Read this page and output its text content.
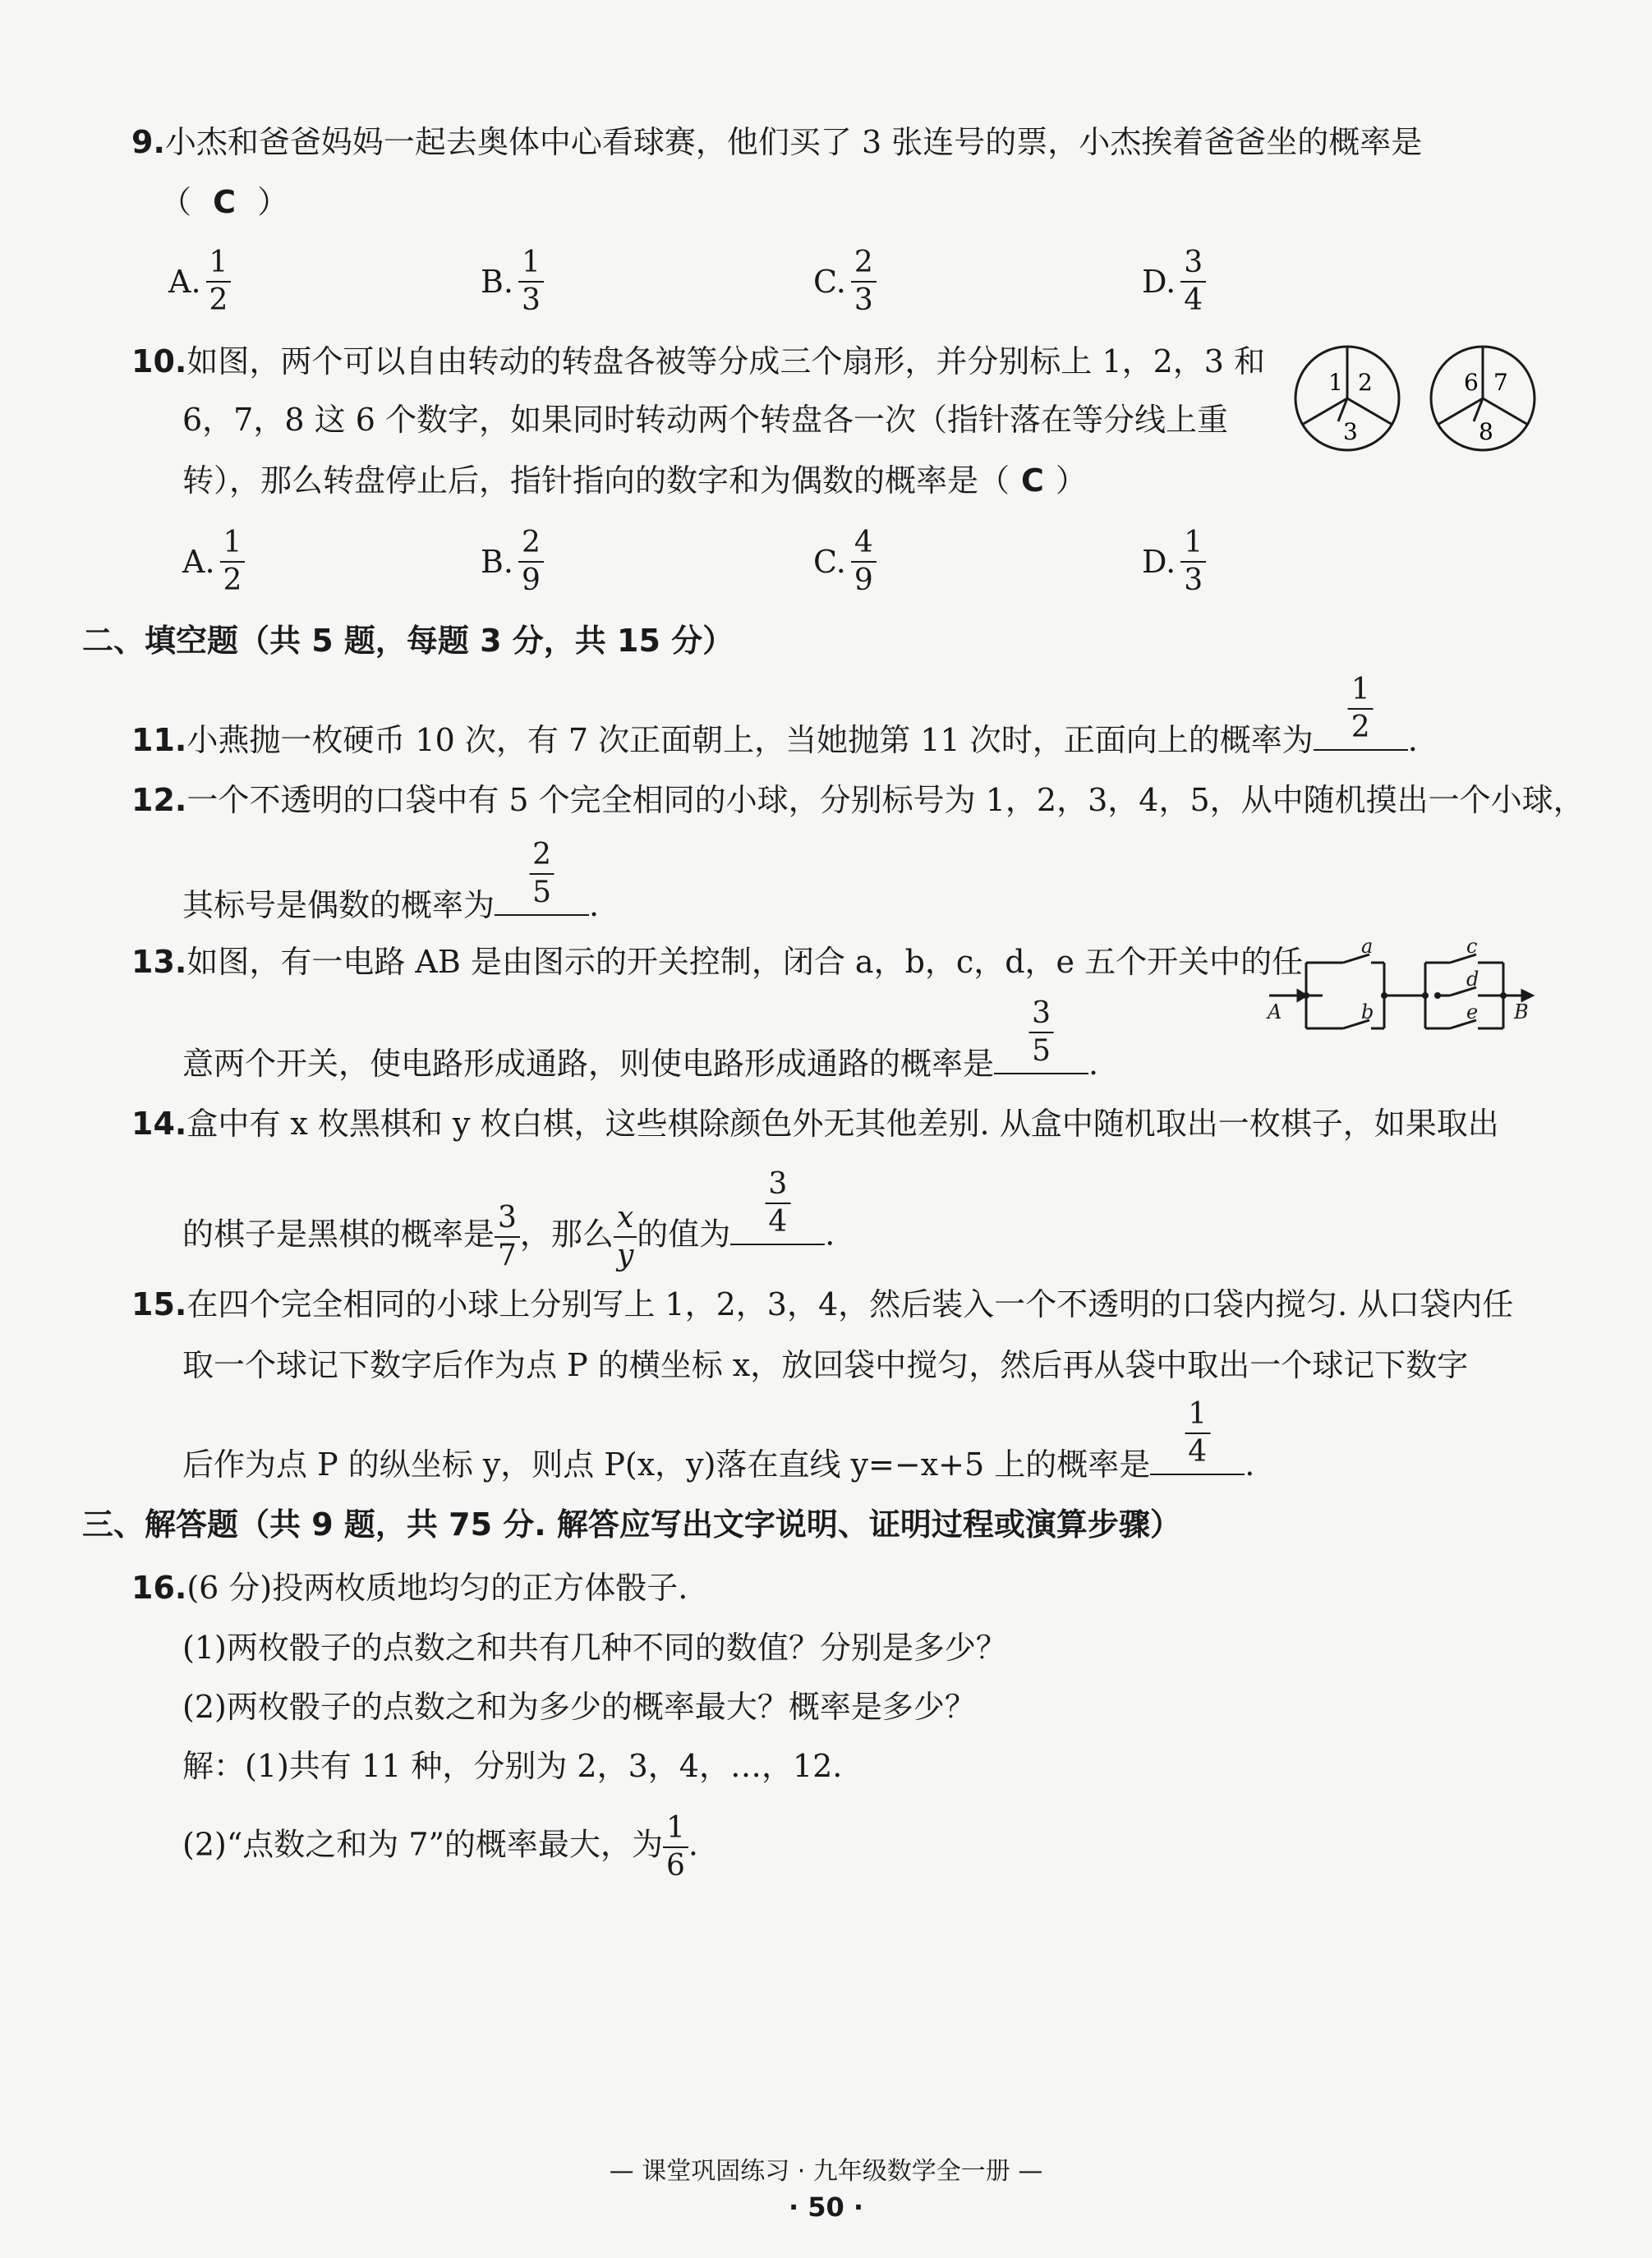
9.小杰和爸爸妈妈一起去奥体中心看球赛，他们买了 3 张连号的票，小杰挨着爸爸坐的概率是
（ C ）
A. $\frac{1}{2}$	B. $\frac{1}{3}$	C. $\frac{2}{3}$	D. $\frac{3}{4}$
10.如图，两个可以自由转动的转盘各被等分成三个扇形，并分别标上 1，2，3 和
6，7，8 这 6 个数字，如果同时转动两个转盘各一次（指针落在等分线上重
转），那么转盘停止后，指针指向的数字和为偶数的概率是（ C ）
1 2
3
6 7
8
A. $\frac{1}{2}$	B. $\frac{2}{9}$	C. $\frac{4}{9}$	D. $\frac{1}{3}$
二、填空题（共 5 题，每题 3 分，共 15 分）
11.小燕抛一枚硬币 10 次，有 7 次正面朝上，当她抛第 11 次时，正面向上的概率为 $\frac{1}{2}$ .
12.一个不透明的口袋中有 5 个完全相同的小球，分别标号为 1，2，3，4，5，从中随机摸出一个小球，
其标号是偶数的概率为 $\frac{2}{5}$ .
13.如图，有一电路 AB 是由图示的开关控制，闭合 a，b，c，d，e 五个开关中的任
意两个开关，使电路形成通路，则使电路形成通路的概率是 $\frac{3}{5}$ .
a
b
c
d
e
A	B
14.盒中有 x 枚黑棋和 y 枚白棋，这些棋除颜色外无其他差别. 从盒中随机取出一枚棋子，如果取出
的棋子是黑棋的概率是 $\frac{3}{7}$ ，那么 $\frac{x}{y}$ 的值为 $\frac{3}{4}$ .
15.在四个完全相同的小球上分别写上 1，2，3，4，然后装入一个不透明的口袋内搅匀. 从口袋内任
取一个球记下数字后作为点 P 的横坐标 x，放回袋中搅匀，然后再从袋中取出一个球记下数字
后作为点 P 的纵坐标 y，则点 P(x，y)落在直线 y=−x+5 上的概率是 $\frac{1}{4}$ .
三、解答题（共 9 题，共 75 分. 解答应写出文字说明、证明过程或演算步骤）
16.(6 分)投两枚质地均匀的正方体骰子.
(1)两枚骰子的点数之和共有几种不同的数值？分别是多少？
(2)两枚骰子的点数之和为多少的概率最大？概率是多少？
解：(1)共有 11 种，分别为 2，3，4，…，12.
(2)“点数之和为 7”的概率最大，为 $\frac{1}{6}$ .
— 课堂巩固练习 · 九年级数学全一册 —
· 50 ·
